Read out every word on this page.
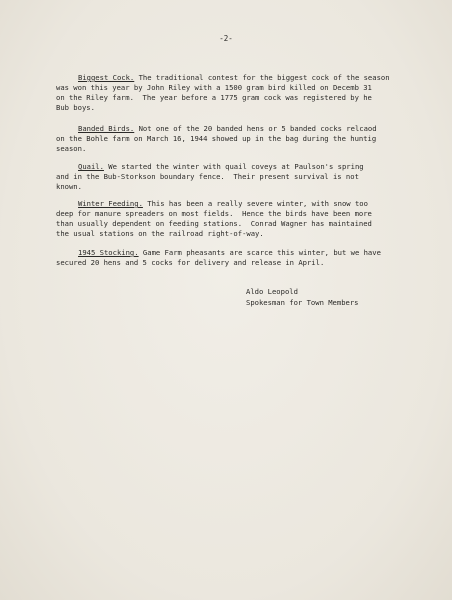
-2-
Biggest Cock. The traditional contest for the biggest cock of the season
was won this year by John Riley with a 1500 gram bird killed on Decemb 31
on the Riley farm.  The year before a 1775 gram cock was registered by he
Bub boys.
Banded Birds. Not one of the 20 banded hens or 5 banded cocks relcaod
on the Bohle farm on March 16, 1944 showed up in the bag during the huntig
season.
Quail. We started the winter with quail coveys at Paulson's spring
and in the Bub-Storkson boundary fence.  Their present survival is not
known.
Winter Feeding. This has been a really severe winter, with snow too
deep for manure spreaders on most fields.  Hence the birds have been more
than usually dependent on feeding stations.  Conrad Wagner has maintained
the usual stations on the railroad right-of-way.
1945 Stocking. Game Farm pheasants are scarce this winter, but we have
secured 20 hens and 5 cocks for delivery and release in April.
Aldo Leopold
Spokesman for Town Members
